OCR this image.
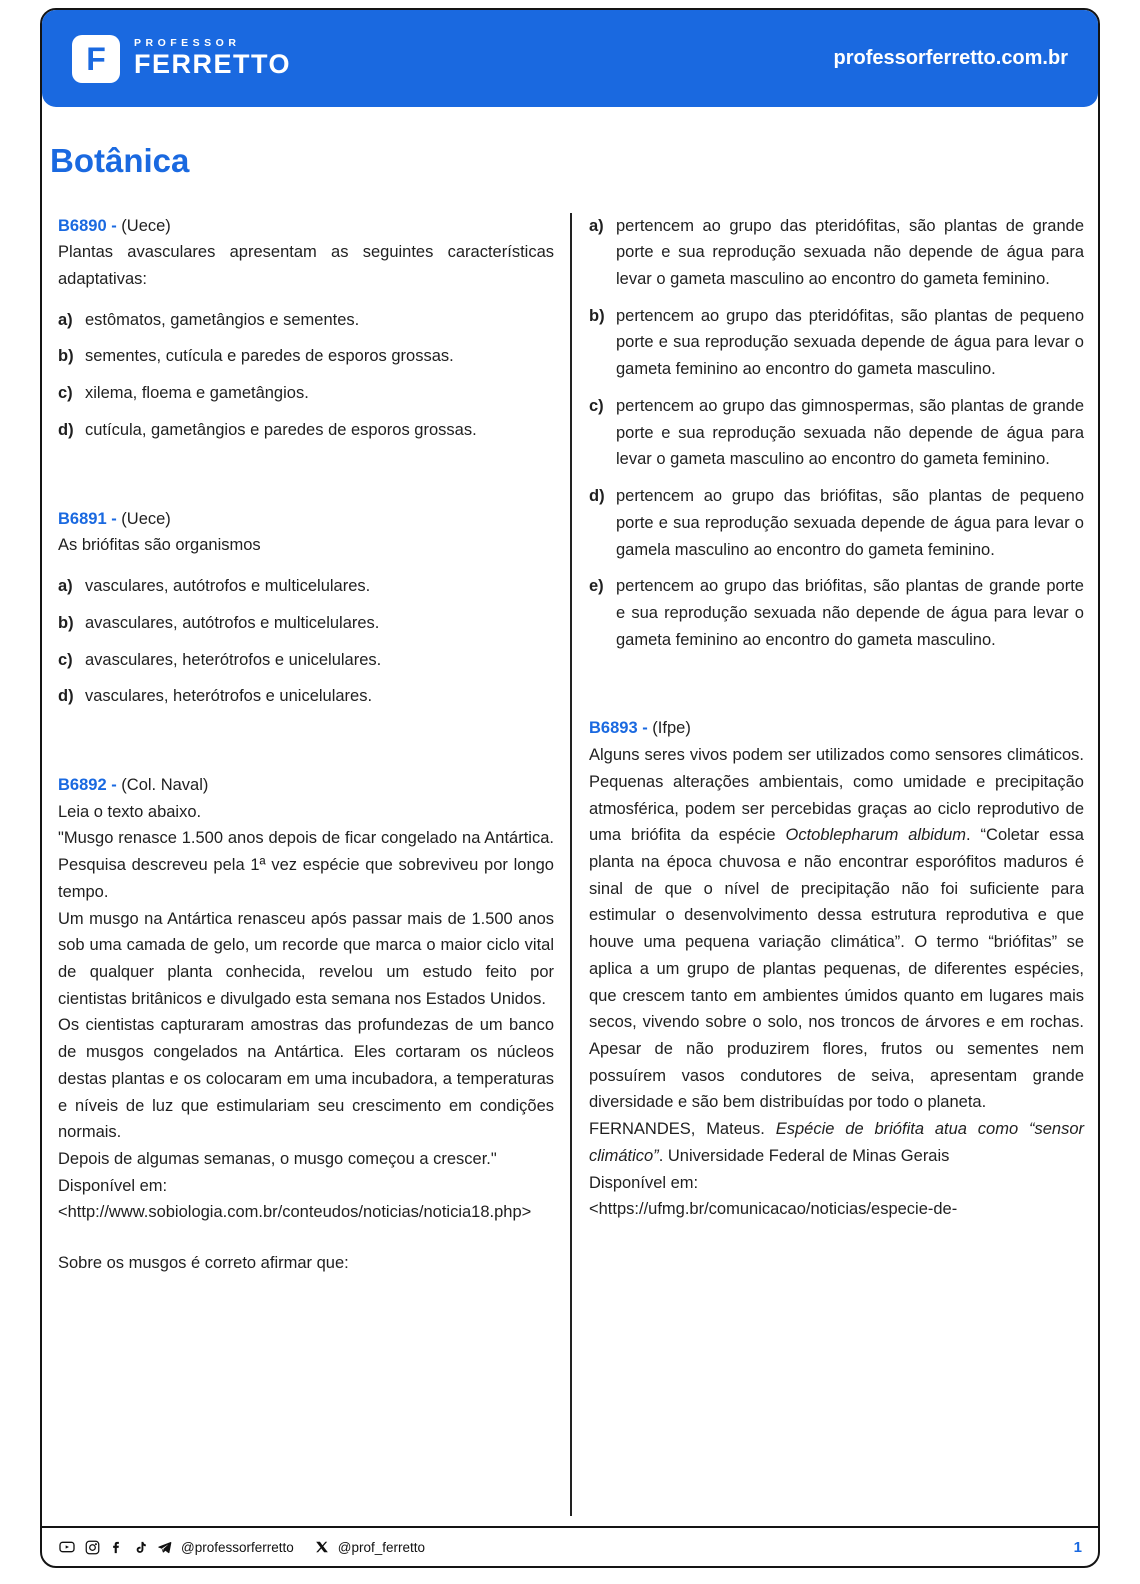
F	PROFESSOR
FERRETTO	professorferretto.com.br
Botânica

B6890 - (Uece)

Plantas avasculares apresentam as seguintes características adaptativas:

a) estômatos, gametângios e sementes.

b) sementes, cutícula e paredes de esporos grossas.

c) xilema, floema e gametângios.

d) cutícula, gametângios e paredes de esporos grossas.

B6891 - (Uece)

As briófitas são organismos

a) vasculares, autótrofos e multicelulares.

b) avasculares, autótrofos e multicelulares.

c) avasculares, heterótrofos e unicelulares.

d) vasculares, heterótrofos e unicelulares.

B6892 - (Col. Naval)

Leia o texto abaixo.

"Musgo renasce 1.500 anos depois de ficar congelado na Antártica. Pesquisa descreveu pela 1ª vez espécie que sobreviveu por longo tempo.

Um musgo na Antártica renasceu após passar mais de 1.500 anos sob uma camada de gelo, um recorde que marca o maior ciclo vital de qualquer planta conhecida, revelou um estudo feito por cientistas britânicos e divulgado esta semana nos Estados Unidos.

Os cientistas capturaram amostras das profundezas de um banco de musgos congelados na Antártica. Eles cortaram os núcleos destas plantas e os colocaram em uma incubadora, a temperaturas e níveis de luz que estimulariam seu crescimento em condições normais.

Depois de algumas semanas, o musgo começou a crescer."

Disponível em:

<http://www.sobiologia.com.br/conteudos/noticias/noticia18.php>

Sobre os musgos é correto afirmar que:

a) pertencem ao grupo das pteridófitas, são plantas de grande porte e sua reprodução sexuada não depende de água para levar o gameta masculino ao encontro do gameta feminino.

b) pertencem ao grupo das pteridófitas, são plantas de pequeno porte e sua reprodução sexuada depende de água para levar o gameta feminino ao encontro do gameta masculino.

c) pertencem ao grupo das gimnospermas, são plantas de grande porte e sua reprodução sexuada não depende de água para levar o gameta masculino ao encontro do gameta feminino.

d) pertencem ao grupo das briófitas, são plantas de pequeno porte e sua reprodução sexuada depende de água para levar o gamela masculino ao encontro do gameta feminino.

e) pertencem ao grupo das briófitas, são plantas de grande porte e sua reprodução sexuada não depende de água para levar o gameta feminino ao encontro do gameta masculino.

B6893 - (Ifpe)

Alguns seres vivos podem ser utilizados como sensores climáticos. Pequenas alterações ambientais, como umidade e precipitação atmosférica, podem ser percebidas graças ao ciclo reprodutivo de uma briófita da espécie Octoblepharum albidum. “Coletar essa planta na época chuvosa e não encontrar esporófitos maduros é sinal de que o nível de precipitação não foi suficiente para estimular o desenvolvimento dessa estrutura reprodutiva e que houve uma pequena variação climática”. O termo “briófitas” se aplica a um grupo de plantas pequenas, de diferentes espécies, que crescem tanto em ambientes úmidos quanto em lugares mais secos, vivendo sobre o solo, nos troncos de árvores e em rochas. Apesar de não produzirem flores, frutos ou sementes nem possuírem vasos condutores de seiva, apresentam grande diversidade e são bem distribuídas por todo o planeta.

FERNANDES, Mateus. Espécie de briófita atua como “sensor climático”. Universidade Federal de Minas Gerais

Disponível em:

<https://ufmg.br/comunicacao/noticias/especie-de-

@professorferretto	@prof_ferretto	1
